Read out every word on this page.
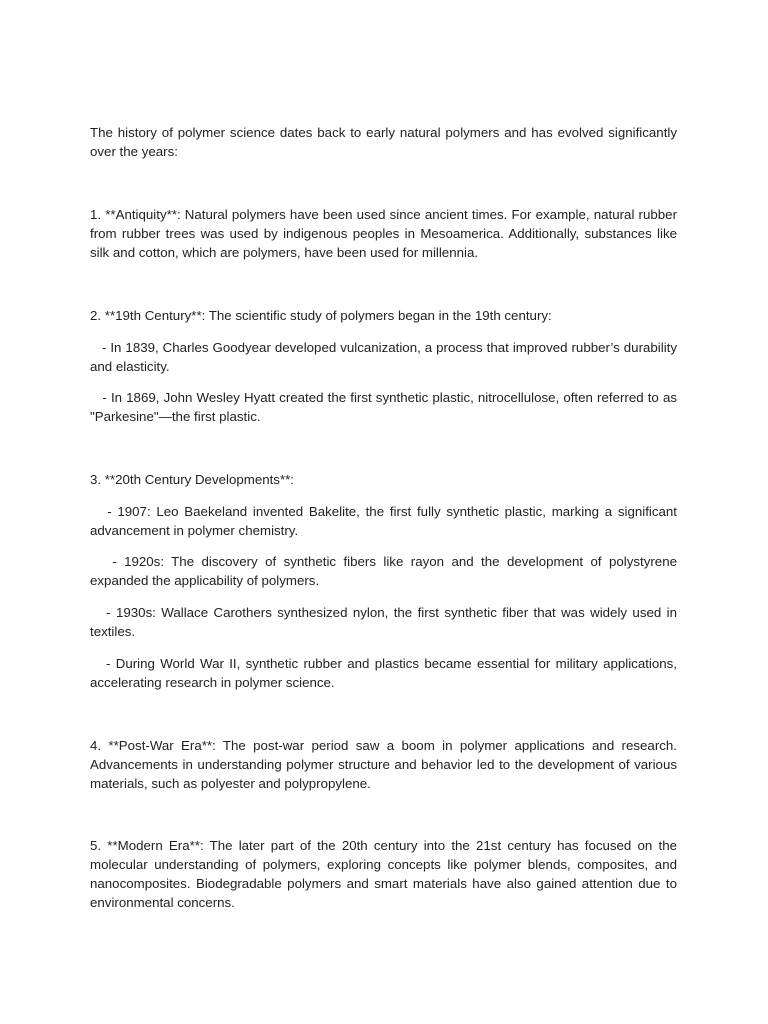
The history of polymer science dates back to early natural polymers and has evolved significantly over the years:

1. **Antiquity**: Natural polymers have been used since ancient times. For example, natural rubber from rubber trees was used by indigenous peoples in Mesoamerica. Additionally, substances like silk and cotton, which are polymers, have been used for millennia.

2. **19th Century**: The scientific study of polymers began in the 19th century:

- In 1839, Charles Goodyear developed vulcanization, a process that improved rubber’s durability and elasticity.

- In 1869, John Wesley Hyatt created the first synthetic plastic, nitrocellulose, often referred to as "Parkesine"—the first plastic.

3. **20th Century Developments**:

- 1907: Leo Baekeland invented Bakelite, the first fully synthetic plastic, marking a significant advancement in polymer chemistry.

- 1920s: The discovery of synthetic fibers like rayon and the development of polystyrene expanded the applicability of polymers.

- 1930s: Wallace Carothers synthesized nylon, the first synthetic fiber that was widely used in textiles.

- During World War II, synthetic rubber and plastics became essential for military applications, accelerating research in polymer science.

4. **Post-War Era**: The post-war period saw a boom in polymer applications and research. Advancements in understanding polymer structure and behavior led to the development of various materials, such as polyester and polypropylene.

5. **Modern Era**: The later part of the 20th century into the 21st century has focused on the molecular understanding of polymers, exploring concepts like polymer blends, composites, and nanocomposites. Biodegradable polymers and smart materials have also gained attention due to environmental concerns.
